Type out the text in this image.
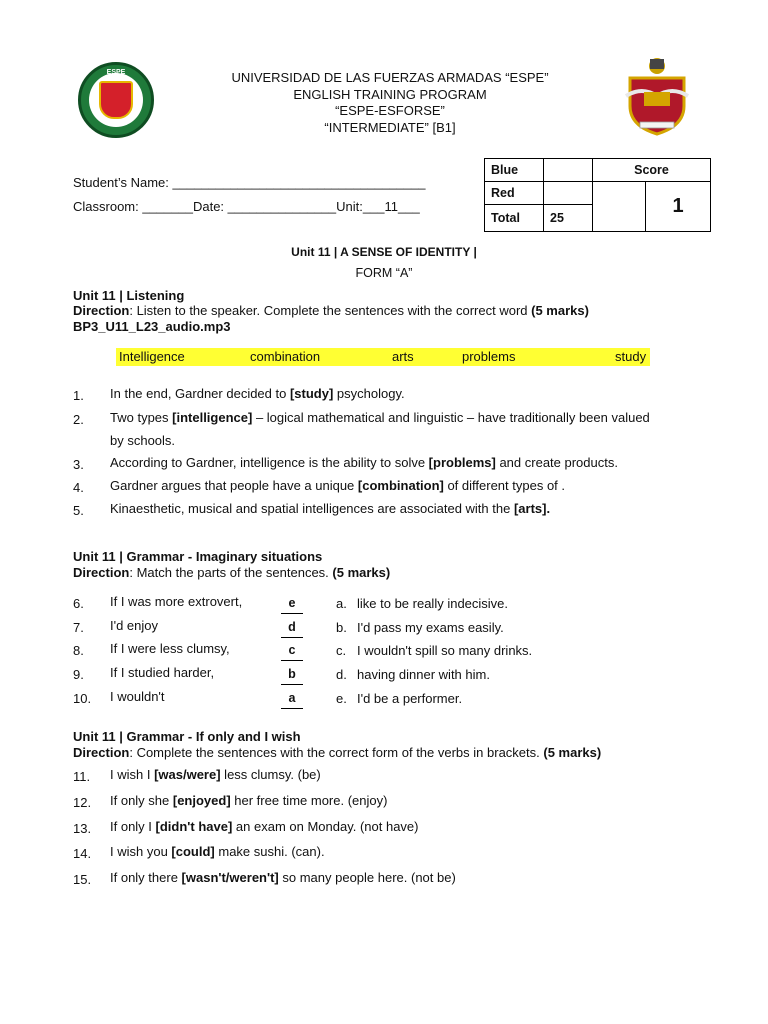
ESPE	UNIVERSIDAD DE LAS FUERZAS ARMADAS “ESPE”
ENGLISH TRAINING PROGRAM
“ESPE-ESFORSE”
“INTERMEDIATE” [B1]
Student’s Name: ___________________________________
Classroom: _______Date: _______________Unit:___11___
Blue		Score	
Red			1
Total	25		
Unit 11 | A SENSE OF IDENTITY |
FORM “A”
Unit 11 | Listening
Direction: Listen to the speaker. Complete the sentences with the correct word (5 marks)
BP3_U11_L23_audio.mp3
Intelligence	combination	arts	problems	study
1. In the end, Gardner decided to [study] psychology.
2. Two types [intelligence] – logical mathematical and linguistic – have traditionally been valued
by schools.
3. According to Gardner, intelligence is the ability to solve [problems] and create products.
4. Gardner argues that people have a unique [combination] of different types of .
5. Kinaesthetic, musical and spatial intelligences are associated with the [arts].
Unit 11 | Grammar - Imaginary situations
Direction: Match the parts of the sentences. (5 marks)
6. If I was more extrovert,	e	a. like to be really indecisive.
7. I'd enjoy	d	b. I'd pass my exams easily.
8. If I were less clumsy,	c	c. I wouldn't spill so many drinks.
9. If I studied harder,	b	d. having dinner with him.
10. I wouldn't	a	e. I'd be a performer.
Unit 11 | Grammar - If only and I wish
Direction: Complete the sentences with the correct form of the verbs in brackets. (5 marks)
11. I wish I [was/were] less clumsy. (be)
12. If only she [enjoyed] her free time more. (enjoy)
13. If only I [didn't have] an exam on Monday. (not have)
14. I wish you [could] make sushi. (can).
15. If only there [wasn't/weren't] so many people here. (not be)
